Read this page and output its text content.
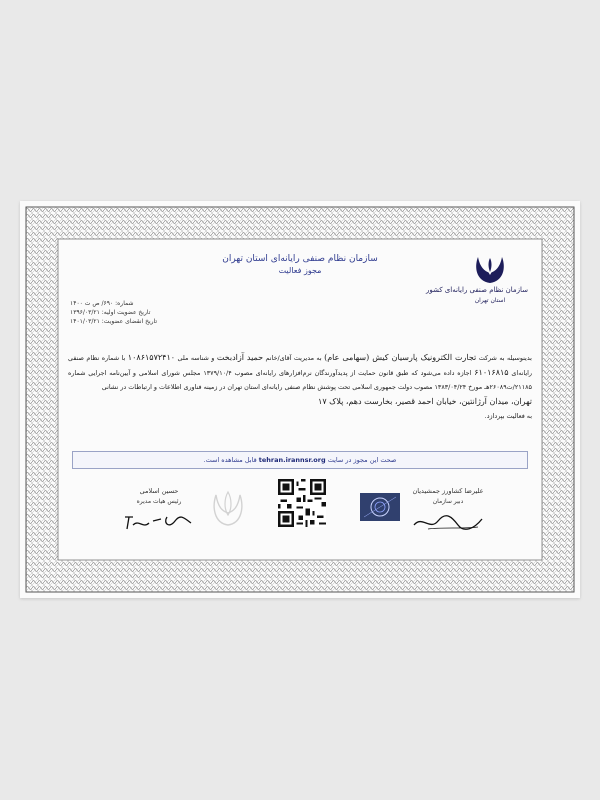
سازمان نظام صنفی رایانه‌ای استان تهران
مجوز فعالیت
سازمان نظام صنفی رایانه‌ای کشور
استان تهران
شماره: ۶۹۰/ ص ت ۱۴۰۰
تاریخ عضویت اولیه: ۱۳۹۶/۰۳/۲۱
تاریخ انقضای عضویت: ۱۴۰۱/۰۳/۲۱
بدینوسیله به شرکت تجارت الکترونیک پارسیان کیش (سهامی عام) به مدیریت آقای/خانم حمید آزادبخت و شناسه ملی ۱۰۸۶۱۵۷۲۴۱۰ با شماره نظام صنفی رایانه‌ای ۶۱۰۱۶۸۱۵ اجازه داده می‌شود که طبق قانون حمایت از پدیدآورندگان نرم‌افزارهای رایانه‌ای مصوب ۱۳۷۹/۱۰/۴ مجلس شورای اسلامی و آیین‌نامه اجرایی شماره ۲۱۱۸۵/ت۲۶۰۸۹هـ مورخ ۱۳۸۳/۰۴/۲۴ مصوب دولت جمهوری اسلامی تحت پوشش نظام صنفی رایانه‌ای استان تهران در زمینه فناوری اطلاعات و ارتباطات در نشانی
تهران، میدان آرژانتین، خیابان احمد قصیر، بخارست دهم، پلاک ۱۷
به فعالیت بپردازد.
صحت این مجوز در سایت tehran.irannsr.org قابل مشاهده است.
علیرضا کشاورز جمشیدیان
دبیر سازمان
حسین اسلامی
رئیس هیات مدیره
